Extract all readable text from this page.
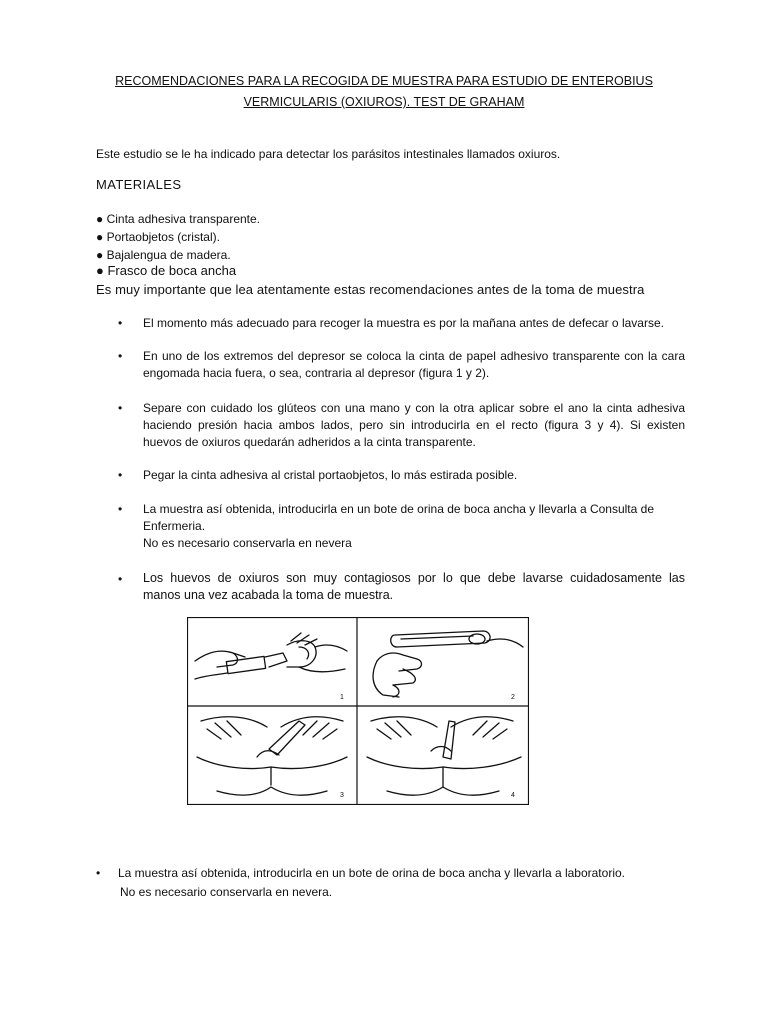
RECOMENDACIONES PARA LA RECOGIDA DE MUESTRA PARA ESTUDIO DE ENTEROBIUS
VERMICULARIS (OXIUROS). TEST DE GRAHAM
Este estudio se le ha indicado para detectar los parásitos intestinales llamados oxiuros.
MATERIALES
● Cinta adhesiva transparente.
● Portaobjetos (cristal).
● Bajalengua de madera.
● Frasco de boca ancha
Es muy importante que lea atentamente estas recomendaciones antes de la toma de muestra
• El momento más adecuado para recoger la muestra es por la mañana antes de defecar o lavarse.
• En uno de los extremos del depresor se coloca la cinta de papel adhesivo transparente con la cara
engomada hacia fuera, o sea, contraria al depresor (figura 1 y 2).
• Separe con cuidado los glúteos con una mano y con la otra aplicar sobre el ano la cinta adhesiva
haciendo presión hacia ambos lados, pero sin introducirla en el recto (figura 3 y 4). Si existen
huevos de oxiuros quedarán adheridos a la cinta transparente.
• Pegar la cinta adhesiva al cristal portaobjetos, lo más estirada posible.
• La muestra así obtenida, introducirla en un bote de orina de boca ancha y llevarla a Consulta de
Enfermeria.
No es necesario conservarla en nevera
• Los huevos de oxiuros son muy contagiosos por lo que debe lavarse cuidadosamente las
manos una vez acabada la toma de muestra.
1	2
3	4
• La muestra así obtenida, introducirla en un bote de orina de boca ancha y llevarla a laboratorio.
No es necesario conservarla en nevera.
